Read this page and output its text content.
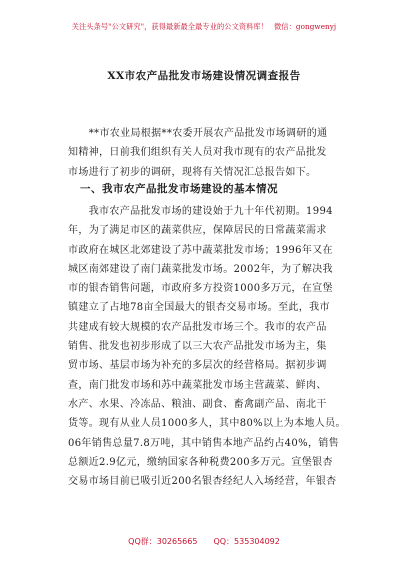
关注头条号"公文研究"，获得最新最全最专业的公文资料库！ 微信：gongwenyj
XX市农产品批发市场建设情况调查报告
　　**市农业局根据**农委开展农产品批发市场调研的通
知精神，日前我们组织有关人员对我市现有的农产品批发
市场进行了初步的调研，现将有关情况汇总报告如下。
一、我市农产品批发市场建设的基本情况
　　我市农产品批发市场的建设始于九十年代初期。1994
年，为了满足市区的蔬菜供应，保障居民的日常蔬菜需求
市政府在城区北郊建设了苏中蔬菜批发市场；1996年又在
城区南郊建设了南门蔬菜批发市场。2002年，为了解决我
市的银杏销售问题，市政府多方投资1000多万元，在宣堡
镇建立了占地78亩全国最大的银杏交易市场。至此，我市
共建成有较大规模的农产品批发市场三个。我市的农产品
销售、批发也初步形成了以三大农产品批发市场为主，集
贸市场、基层市场为补充的多层次的经营格局。据初步调
查，南门批发市场和苏中蔬菜批发市场主营蔬菜、鲜肉、
水产、水果、冷冻品、粮油、副食、畜禽副产品、南北干
货等。现有从业人员1000多人，其中80%以上为本地人员。
06年销售总量7.8万吨，其中销售本地产品约占40%，销售
总额近2.9亿元，缴纳国家各种税费200多万元。宣堡银杏
交易市场目前已吸引近200名银杏经纪人入场经营，年银杏
QQ群：30265665 QQ：535304092
